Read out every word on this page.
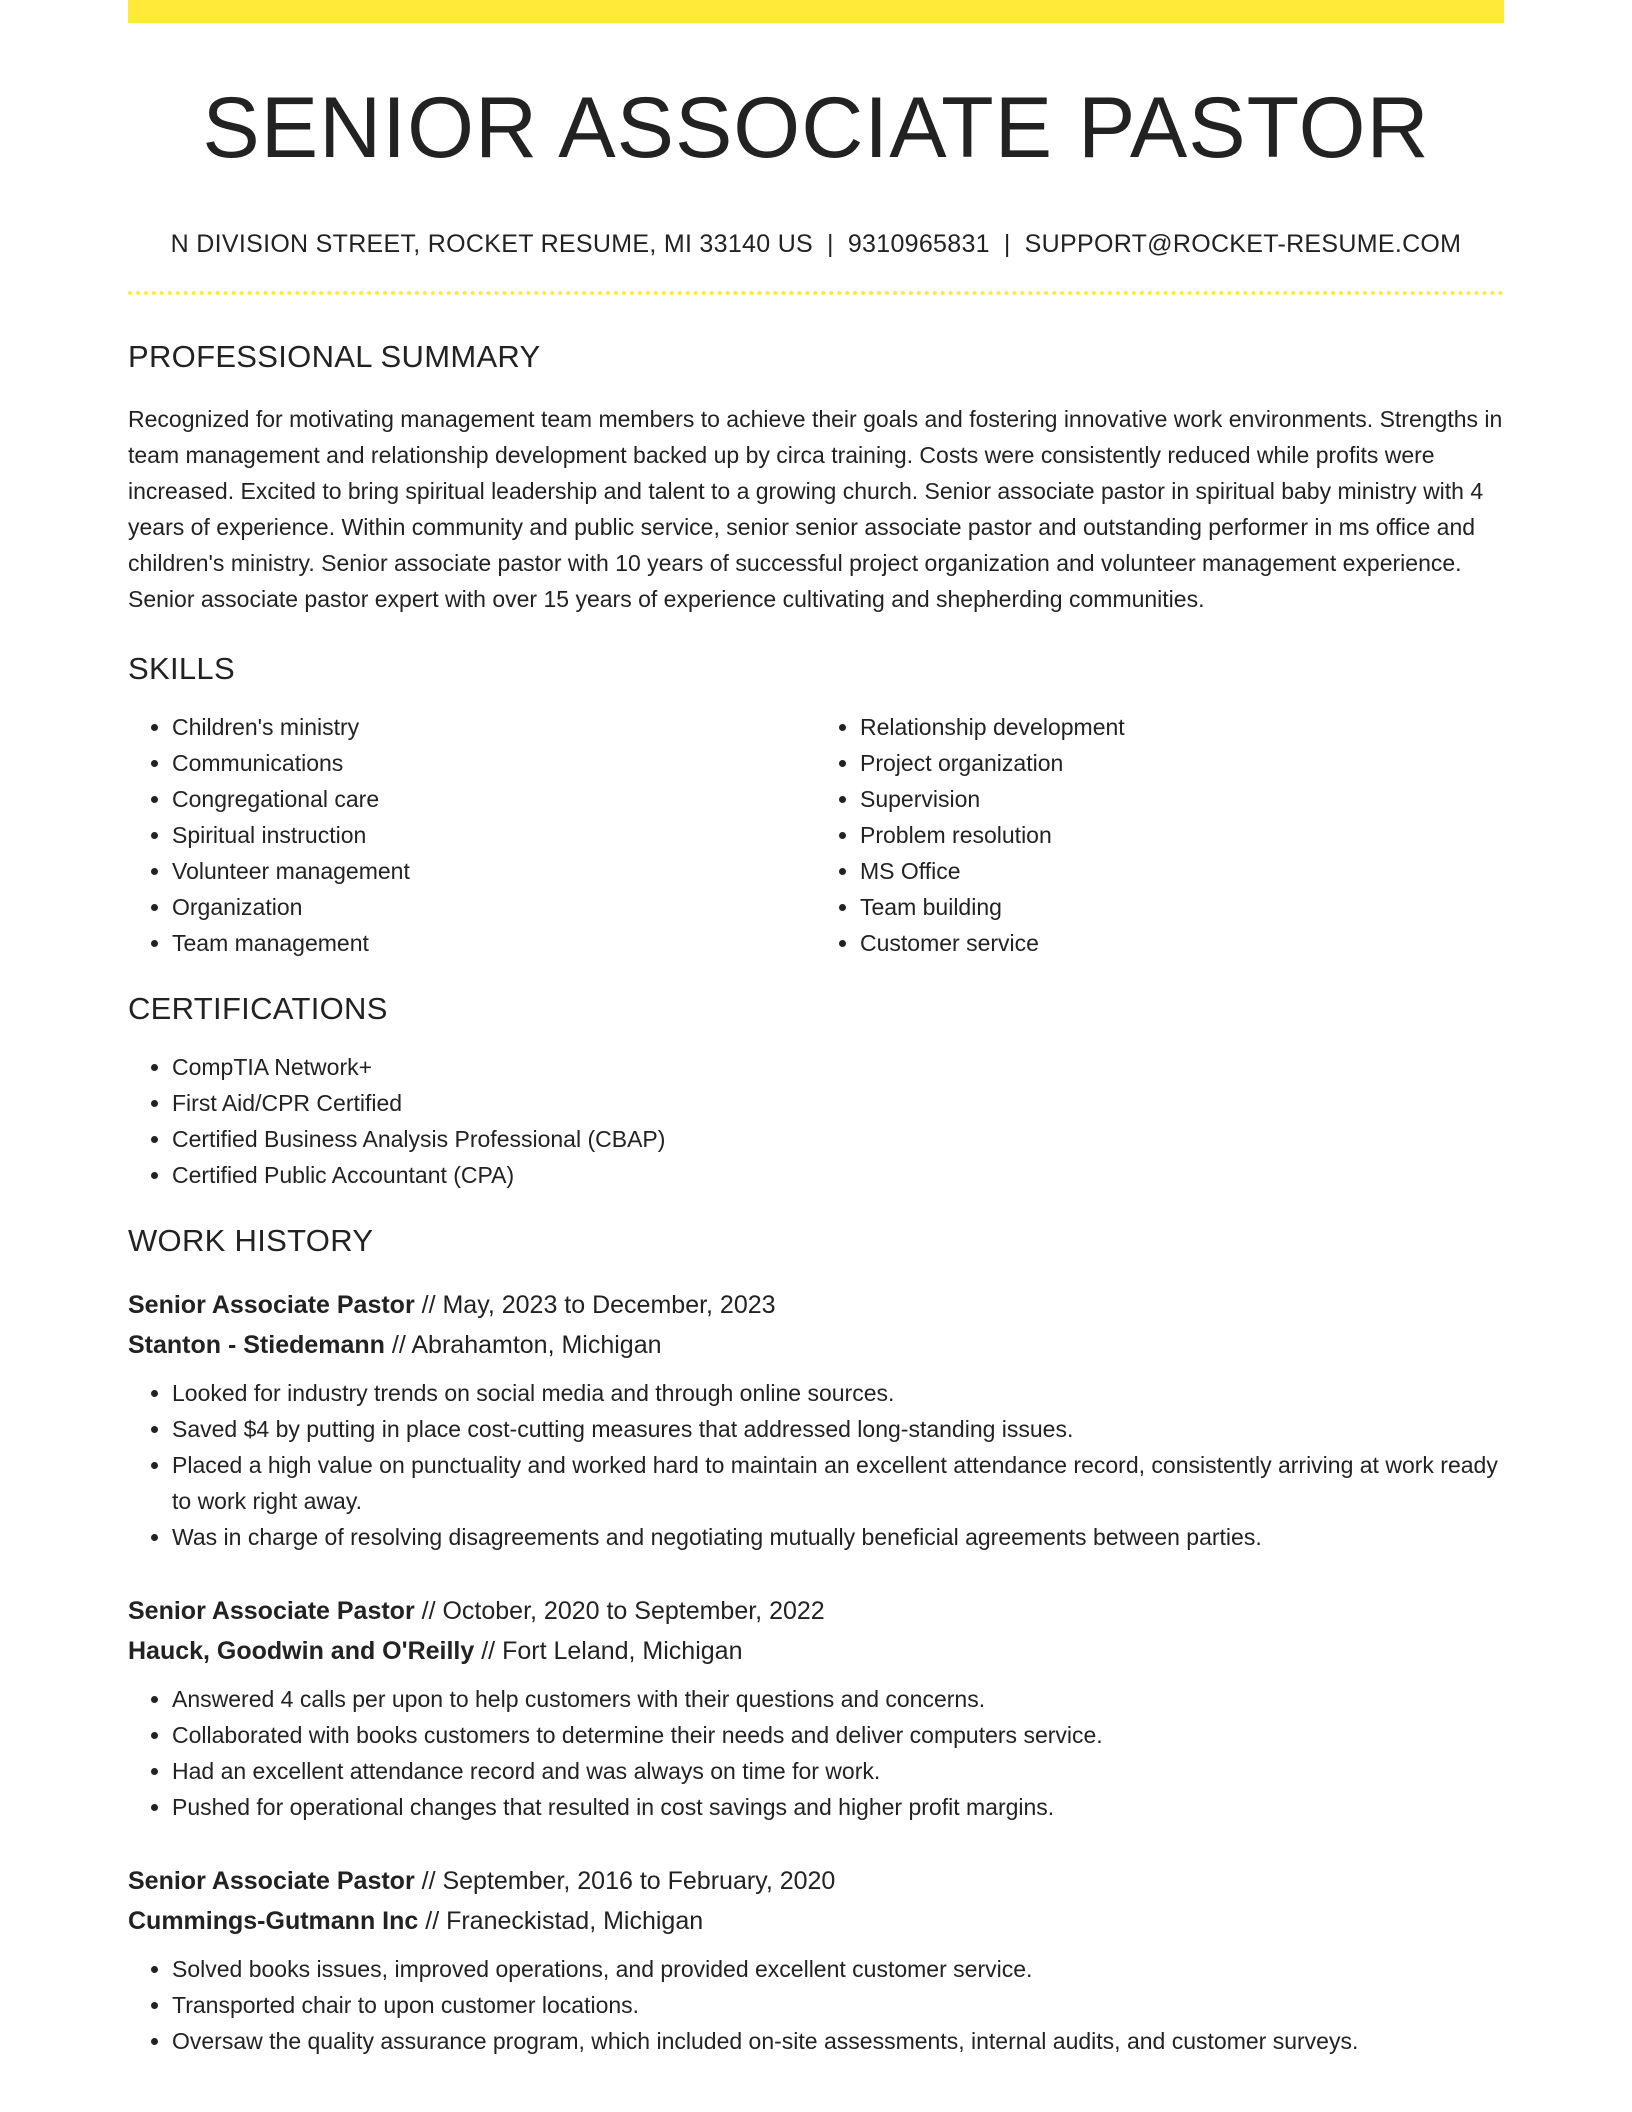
SENIOR ASSOCIATE PASTOR
N DIVISION STREET, ROCKET RESUME, MI 33140 US | 9310965831 | SUPPORT@ROCKET-RESUME.COM
PROFESSIONAL SUMMARY
Recognized for motivating management team members to achieve their goals and fostering innovative work environments. Strengths in team management and relationship development backed up by circa training. Costs were consistently reduced while profits were increased. Excited to bring spiritual leadership and talent to a growing church. Senior associate pastor in spiritual baby ministry with 4 years of experience. Within community and public service, senior senior associate pastor and outstanding performer in ms office and children's ministry. Senior associate pastor with 10 years of successful project organization and volunteer management experience. Senior associate pastor expert with over 15 years of experience cultivating and shepherding communities.
SKILLS
• Children's ministry
• Communications
• Congregational care
• Spiritual instruction
• Volunteer management
• Organization
• Team management
• Relationship development
• Project organization
• Supervision
• Problem resolution
• MS Office
• Team building
• Customer service
CERTIFICATIONS
• CompTIA Network+
• First Aid/CPR Certified
• Certified Business Analysis Professional (CBAP)
• Certified Public Accountant (CPA)
WORK HISTORY
Senior Associate Pastor // May, 2023 to December, 2023
Stanton - Stiedemann // Abrahamton, Michigan
• Looked for industry trends on social media and through online sources.
• Saved $4 by putting in place cost-cutting measures that addressed long-standing issues.
• Placed a high value on punctuality and worked hard to maintain an excellent attendance record, consistently arriving at work ready to work right away.
• Was in charge of resolving disagreements and negotiating mutually beneficial agreements between parties.
Senior Associate Pastor // October, 2020 to September, 2022
Hauck, Goodwin and O'Reilly // Fort Leland, Michigan
• Answered 4 calls per upon to help customers with their questions and concerns.
• Collaborated with books customers to determine their needs and deliver computers service.
• Had an excellent attendance record and was always on time for work.
• Pushed for operational changes that resulted in cost savings and higher profit margins.
Senior Associate Pastor // September, 2016 to February, 2020
Cummings-Gutmann Inc // Franeckistad, Michigan
• Solved books issues, improved operations, and provided excellent customer service.
• Transported chair to upon customer locations.
• Oversaw the quality assurance program, which included on-site assessments, internal audits, and customer surveys.
